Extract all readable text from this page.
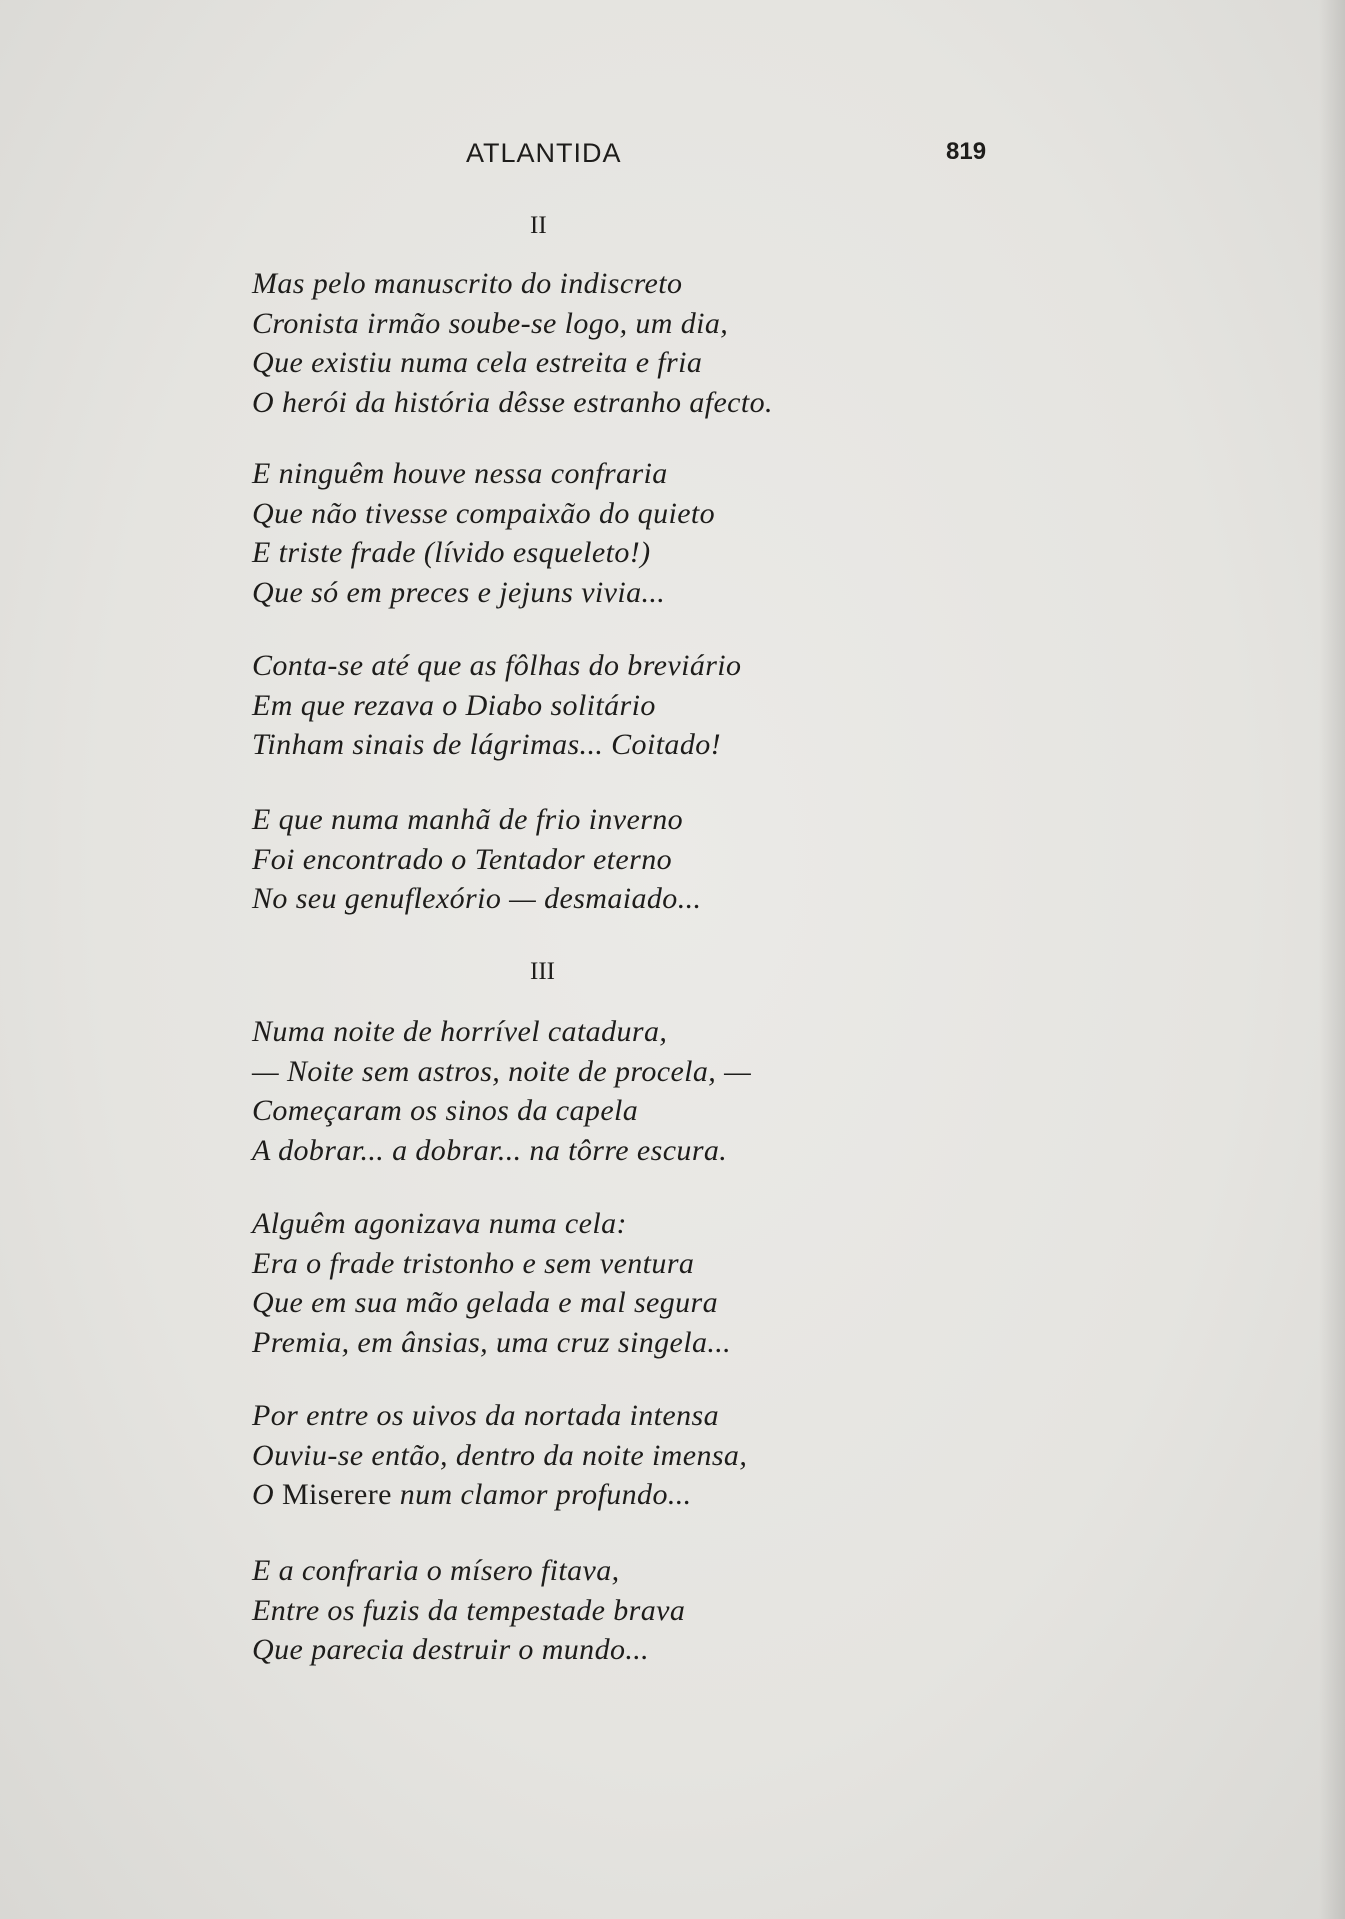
ATLANTIDA	819
II
Mas pelo manuscrito do indiscreto
Cronista irmão soube-se logo, um dia,
Que existiu numa cela estreita e fria
O herói da história dêsse estranho afecto.
E ninguêm houve nessa confraria
Que não tivesse compaixão do quieto
E triste frade (lívido esqueleto!)
Que só em preces e jejuns vivia...
Conta-se até que as fôlhas do breviário
Em que rezava o Diabo solitário
Tinham sinais de lágrimas... Coitado!
E que numa manhã de frio inverno
Foi encontrado o Tentador eterno
No seu genuflexório — desmaiado...
III
Numa noite de horrível catadura,
— Noite sem astros, noite de procela, —
Começaram os sinos da capela
A dobrar... a dobrar... na tôrre escura.
Alguêm agonizava numa cela:
Era o frade tristonho e sem ventura
Que em sua mão gelada e mal segura
Premia, em ânsias, uma cruz singela...
Por entre os uivos da nortada intensa
Ouviu-se então, dentro da noite imensa,
O Miserere num clamor profundo...
E a confraria o mísero fitava,
Entre os fuzis da tempestade brava
Que parecia destruir o mundo...
